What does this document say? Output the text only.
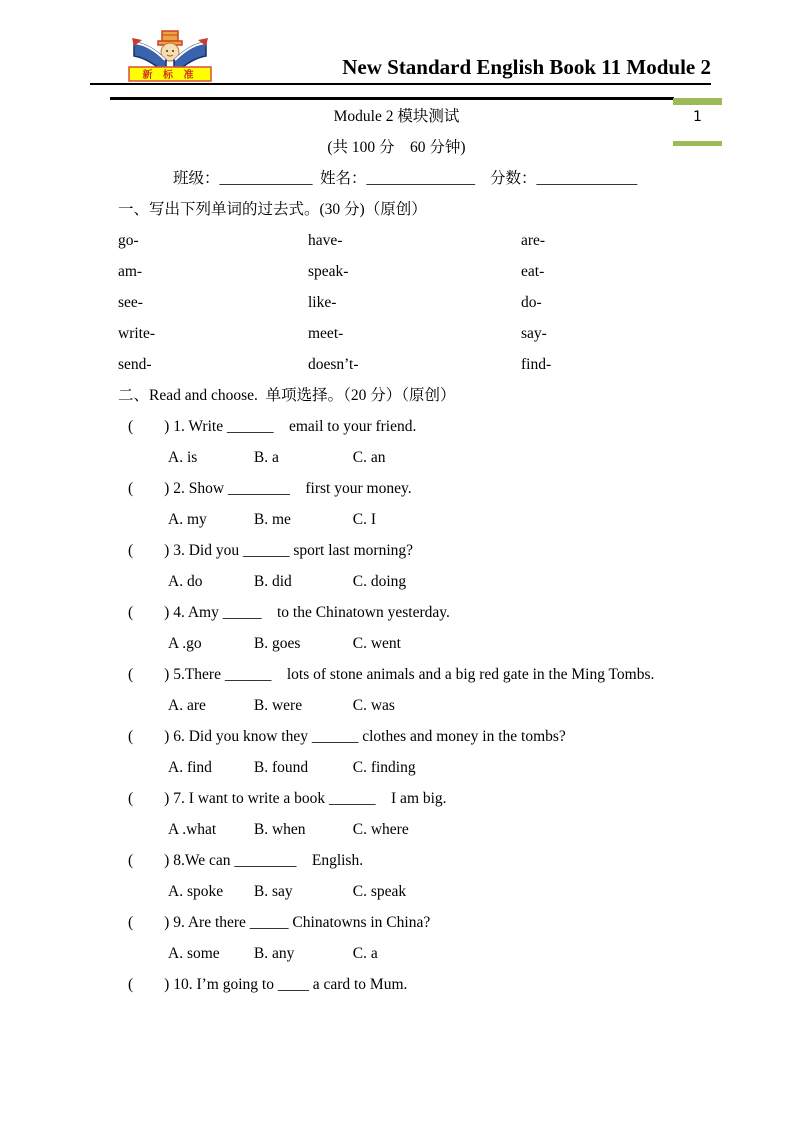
新 标 准	New Standard English Book 11 Module 2
1
Module 2 模块测试
(共 100 分　60 分钟)
班级：____________ 姓名：______________ 分数：_____________
一、写出下列单词的过去式。(30 分)（原创）
go-	have-	are-
am-	speak-	eat-
see-	like-	do-
write-	meet-	say-
send-	doesn’t-	find-
二、Read and choose.  单项选择。（20 分）（原创）
(　　) 1. Write ______　email to your friend.
A. is	B. a	C. an
(　　) 2. Show ________　first your money.
A. my	B. me	C. I
(　　) 3. Did you ______ sport last morning?
A. do	B. did	C. doing
(　　) 4. Amy _____　to the Chinatown yesterday.
A .go	B. goes	C. went
(　　) 5.There ______　lots of stone animals and a big red gate in the Ming Tombs.
A. are	B. were	C. was
(　　) 6. Did you know they ______ clothes and money in the tombs?
A. find	B. found	C. finding
(　　) 7. I want to write a book ______　I am big.
A .what B. when	C. where
(　　) 8.We can ________　English.
A. spoke B. say	C. speak
(　　) 9. Are there _____ Chinatowns in China?
A. some B. any	C. a
(　　) 10. I’m going to ____ a card to Mum.
